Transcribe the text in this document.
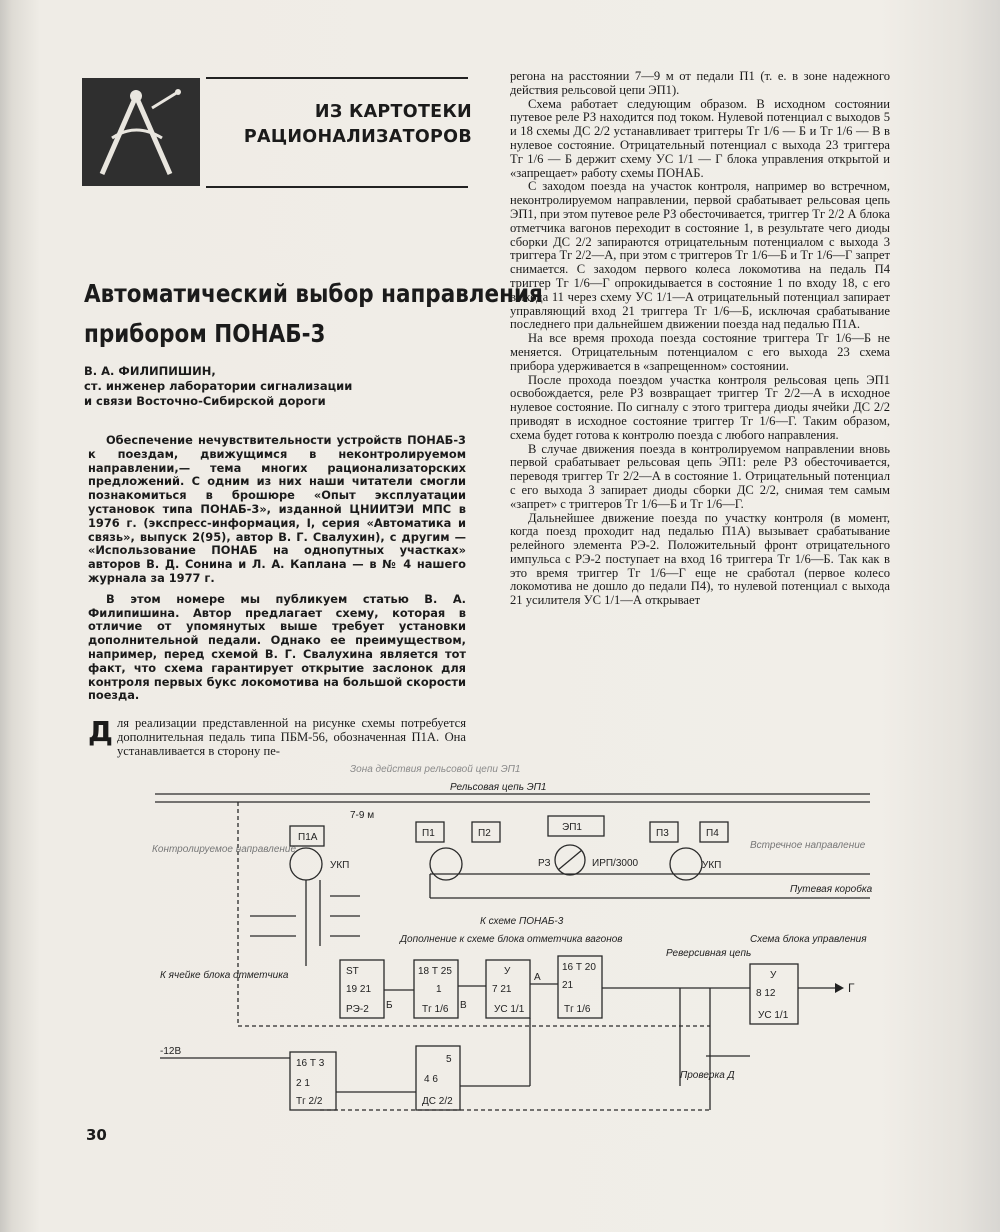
ИЗ КАРТОТЕКИ
РАЦИОНАЛИЗАТОРОВ
Автоматический выбор направления
прибором ПОНАБ-3
В. А. ФИЛИПИШИН,
ст. инженер лаборатории сигнализации
и связи Восточно-Сибирской дороги

Обеспечение нечувствительности устройств ПОНАБ-3 к поездам, движущимся в неконтролируемом направлении,— тема многих рационализаторских предложений. С одним из них наши читатели смогли познакомиться в брошюре «Опыт эксплуатации установок типа ПОНАБ-3», изданной ЦНИИТЭИ МПС в 1976 г. (экспресс-информация, I, серия «Автоматика и связь», выпуск 2(95), автор В. Г. Свалухин), с другим — «Использование ПОНАБ на однопутных участках» авторов В. Д. Сонина и Л. А. Каплана — в № 4 нашего журнала за 1977 г.

В этом номере мы публикуем статью В. А. Филипишина. Автор предлагает схему, которая в отличие от упомянутых выше требует установки дополнительной педали. Однако ее преимуществом, например, перед схемой В. Г. Свалухина является тот факт, что схема гарантирует открытие заслонок для контроля первых букс локомотива на большой скорости поезда.

Для реализации представленной на рисунке схемы потребуется дополнительная педаль типа ПБМ-56, обозначенная П1А. Она устанавливается в сторону пе-

регона на расстоянии 7—9 м от педали П1 (т. е. в зоне надежного действия рельсовой цепи ЭП1).

Схема работает следующим образом. В исходном состоянии путевое реле РЗ находится под током. Нулевой потенциал с выходов 5 и 18 схемы ДС 2/2 устанавливает триггеры Тг 1/6 — Б и Тг 1/6 — В в нулевое состояние. Отрицательный потенциал с выхода 23 триггера Тг 1/6 — Б держит схему УС 1/1 — Г блока управления открытой и «запрещает» работу схемы ПОНАБ.

С заходом поезда на участок контроля, например во встречном, неконтролируемом направлении, первой срабатывает рельсовая цепь ЭП1, при этом путевое реле РЗ обесточивается, триггер Тг 2/2 А блока отметчика вагонов переходит в состояние 1, в результате чего диоды сборки ДС 2/2 запираются отрицательным потенциалом с выхода 3 триггера Тг 2/2—А, при этом с триггеров Тг 1/6—Б и Тг 1/6—Г запрет снимается. С заходом первого колеса локомотива на педаль П4 триггер Тг 1/6—Г опрокидывается в состояние 1 по входу 18, с его выхода 11 через схему УС 1/1—А отрицательный потенциал запирает управляющий вход 21 триггера Тг 1/6—Б, исключая срабатывание последнего при дальнейшем движении поезда над педалью П1А.

На все время прохода поезда состояние триггера Тг 1/6—Б не меняется. Отрицательным потенциалом с его выхода 23 схема прибора удерживается в «запрещенном» состоянии.

После прохода поездом участка контроля рельсовая цепь ЭП1 освобождается, реле РЗ возвращает триггер Тг 2/2—А в исходное нулевое состояние. По сигналу с этого триггера диоды ячейки ДС 2/2 приводят в исходное состояние триггер Тг 1/6—Г. Таким образом, схема будет готова к контролю поезда с любого направления.

В случае движения поезда в контролируемом направлении вновь первой срабатывает рельсовая цепь ЭП1: реле РЗ обесточивается, переводя триггер Тг 2/2—А в состояние 1. Отрицательный потенциал с его выхода 3 запирает диоды сборки ДС 2/2, снимая тем самым «запрет» с триггеров Тг 1/6—Б и Тг 1/6—Г.

Дальнейшее движение поезда по участку контроля (в момент, когда поезд проходит над педалью П1А) вызывает срабатывание релейного элемента РЭ-2. Положительный фронт отрицательного импульса с РЭ-2 поступает на вход 16 триггера Тг 1/6—Б. Так как в это время триггер Тг 1/6—Г еще не сработал (первое колесо локомотива не дошло до педали П4), то нулевой потенциал с выхода 21 усилителя УС 1/1—А открывает

Зона действия рельсовой цепи ЭП1
Рельсовая цепь ЭП1
ЭП1
П1А	П1	П2	П3	П4
7-9 м
УКП	УКП
РЗ	ИРП/3000
Контролируемое направление	Встречное направление
Путевая коробка
К схеме ПОНАБ-3
Дополнение к схеме блока отметчика вагонов	Схема блока управления
ST
19 21
РЭ-2
18 Т 25
1
Тг 1/6
У
7 21
УС 1/1
16 Т 20
21
Тг 1/6
У
8 12
УС 1/1
16 Т 3
2 1
Тг 2/2
5
4 6
ДС 2/2
Реверсивная цепь
Г
-12В
К ячейке блока отметчика
Б
А
В
Проверка Д
30
